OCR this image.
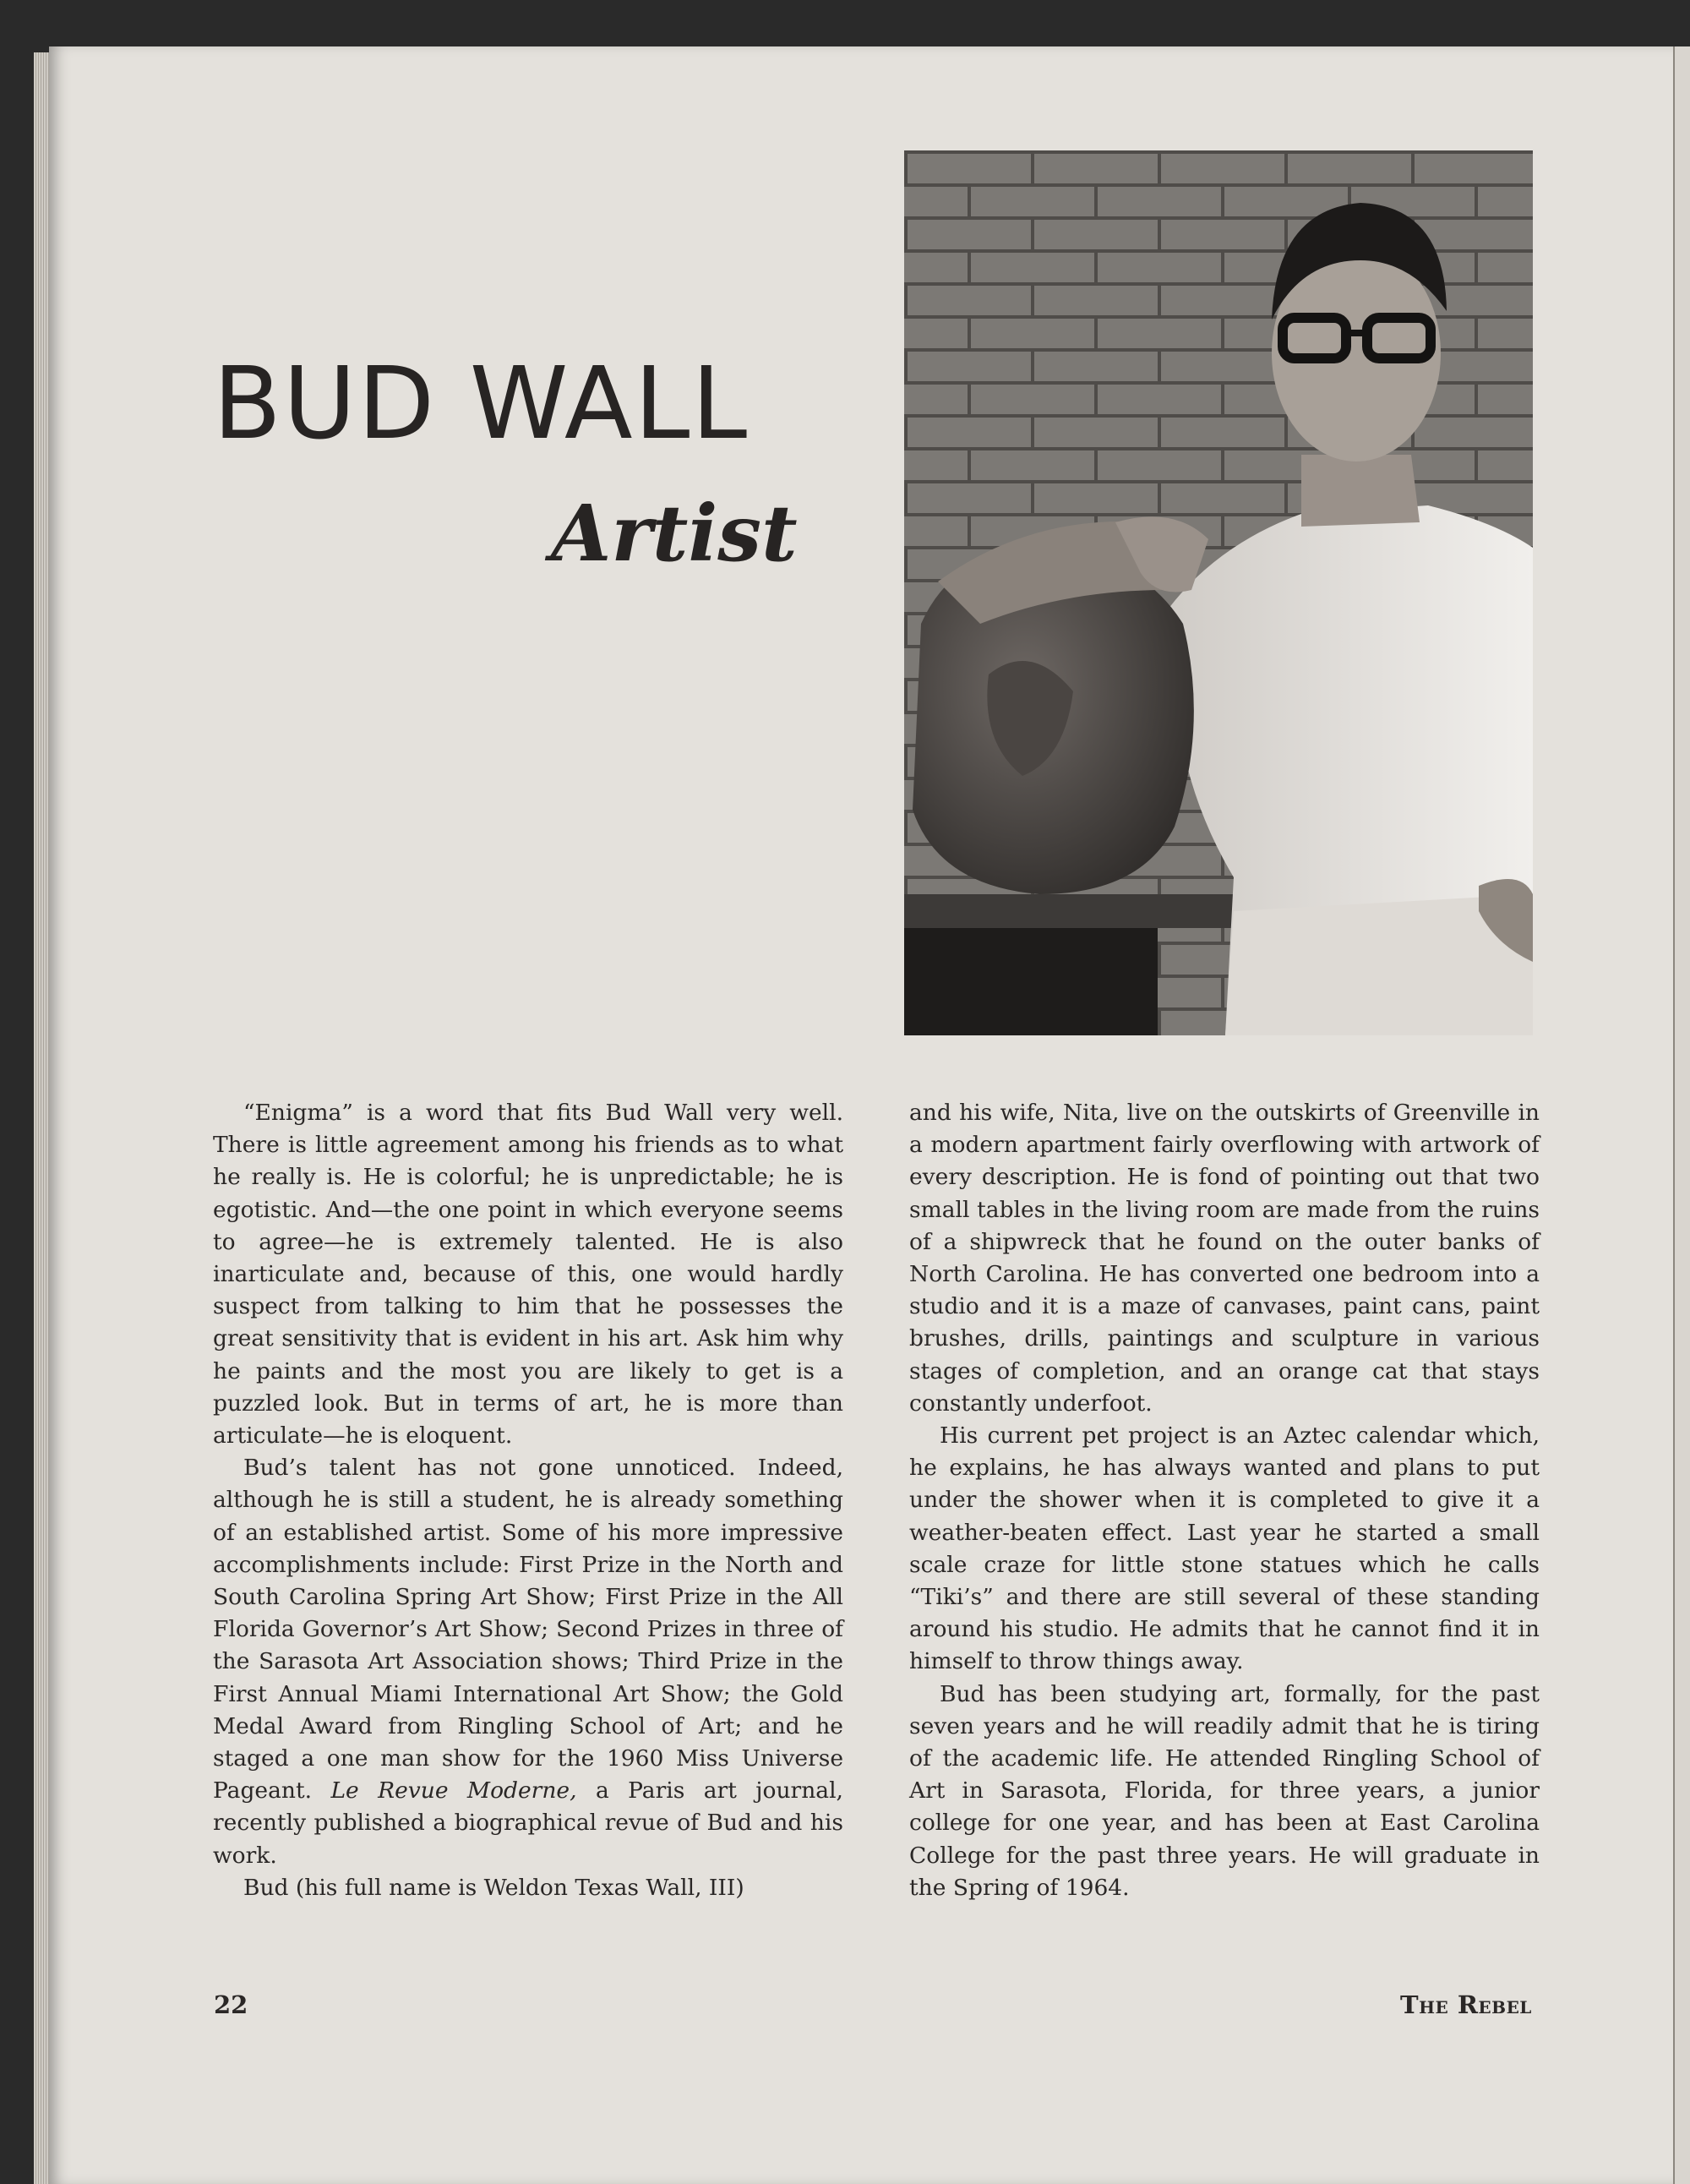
BUD WALL
Artist

“Enigma” is a word that fits Bud Wall very well. There is little agreement among his friends as to what he really is. He is colorful; he is unpredictable; he is egotistic. And—the one point in which everyone seems to agree—he is extremely talented. He is also inarticulate and, because of this, one would hardly suspect from talking to him that he possesses the great sensitivity that is evident in his art. Ask him why he paints and the most you are likely to get is a puzzled look. But in terms of art, he is more than articulate—he is eloquent.

Bud’s talent has not gone unnoticed. Indeed, although he is still a student, he is already something of an established artist. Some of his more impressive accomplishments include: First Prize in the North and South Carolina Spring Art Show; First Prize in the All Florida Governor’s Art Show; Second Prizes in three of the Sarasota Art Association shows; Third Prize in the First Annual Miami International Art Show; the Gold Medal Award from Ringling School of Art; and he staged a one man show for the 1960 Miss Universe Pageant. Le Revue Moderne, a Paris art journal, recently published a biographical revue of Bud and his work.

Bud (his full name is Weldon Texas Wall, III)

and his wife, Nita, live on the outskirts of Greenville in a modern apartment fairly overflowing with artwork of every description. He is fond of pointing out that two small tables in the living room are made from the ruins of a shipwreck that he found on the outer banks of North Carolina. He has converted one bedroom into a studio and it is a maze of canvases, paint cans, paint brushes, drills, paintings and sculpture in various stages of completion, and an orange cat that stays constantly underfoot.

His current pet project is an Aztec calendar which, he explains, he has always wanted and plans to put under the shower when it is completed to give it a weather-beaten effect. Last year he started a small scale craze for little stone statues which he calls “Tiki’s” and there are still several of these standing around his studio. He admits that he cannot find it in himself to throw things away.

Bud has been studying art, formally, for the past seven years and he will readily admit that he is tiring of the academic life. He attended Ringling School of Art in Sarasota, Florida, for three years, a junior college for one year, and has been at East Carolina College for the past three years. He will graduate in the Spring of 1964.

22	The Rebel
